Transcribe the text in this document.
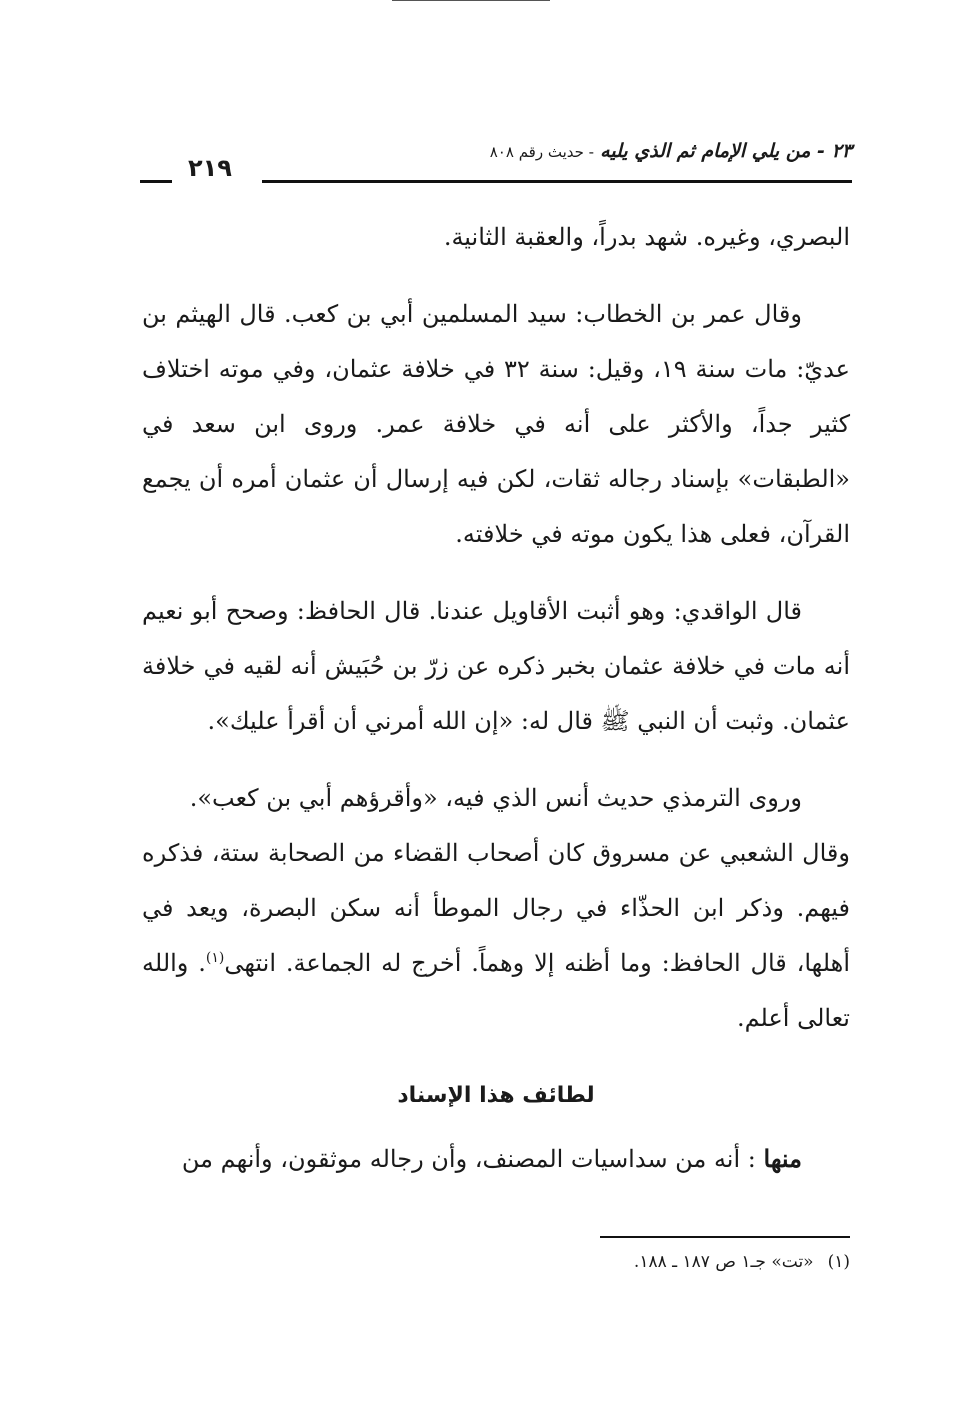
٢٣ - من يلي الإمام ثم الذي يليه - حديث رقم ٨٠٨
٢١٩

البصري، وغيره. شهد بدراً، والعقبة الثانية.

وقال عمر بن الخطاب: سيد المسلمين أبي بن كعب. قال الهيثم بن عديّ: مات سنة ١٩، وقيل: سنة ٣٢ في خلافة عثمان، وفي موته اختلاف كثير جداً، والأكثر على أنه في خلافة عمر. وروى ابن سعد في «الطبقات» بإسناد رجاله ثقات، لكن فيه إرسال أن عثمان أمره أن يجمع القرآن، فعلى هذا يكون موته في خلافته.

قال الواقدي: وهو أثبت الأقاويل عندنا. قال الحافظ: وصحح أبو نعيم أنه مات في خلافة عثمان بخبر ذكره عن زرّ بن حُبَيش أنه لقيه في خلافة عثمان. وثبت أن النبي ﷺ قال له: «إن الله أمرني أن أقرأ عليك».

وروى الترمذي حديث أنس الذي فيه، «وأقرؤهم أبي بن كعب».

وقال الشعبي عن مسروق كان أصحاب القضاء من الصحابة ستة، فذكره فيهم. وذكر ابن الحذّاء في رجال الموطأ أنه سكن البصرة، ويعد في أهلها، قال الحافظ: وما أظنه إلا وهماً. أخرج له الجماعة. انتهى$^{(١)}$. والله تعالى أعلم.

لطائف هذا الإسناد

منها : أنه من سداسيات المصنف، وأن رجاله موثقون، وأنهم من

(١)«تت» جـ١ ص ١٨٧ ـ ١٨٨.
